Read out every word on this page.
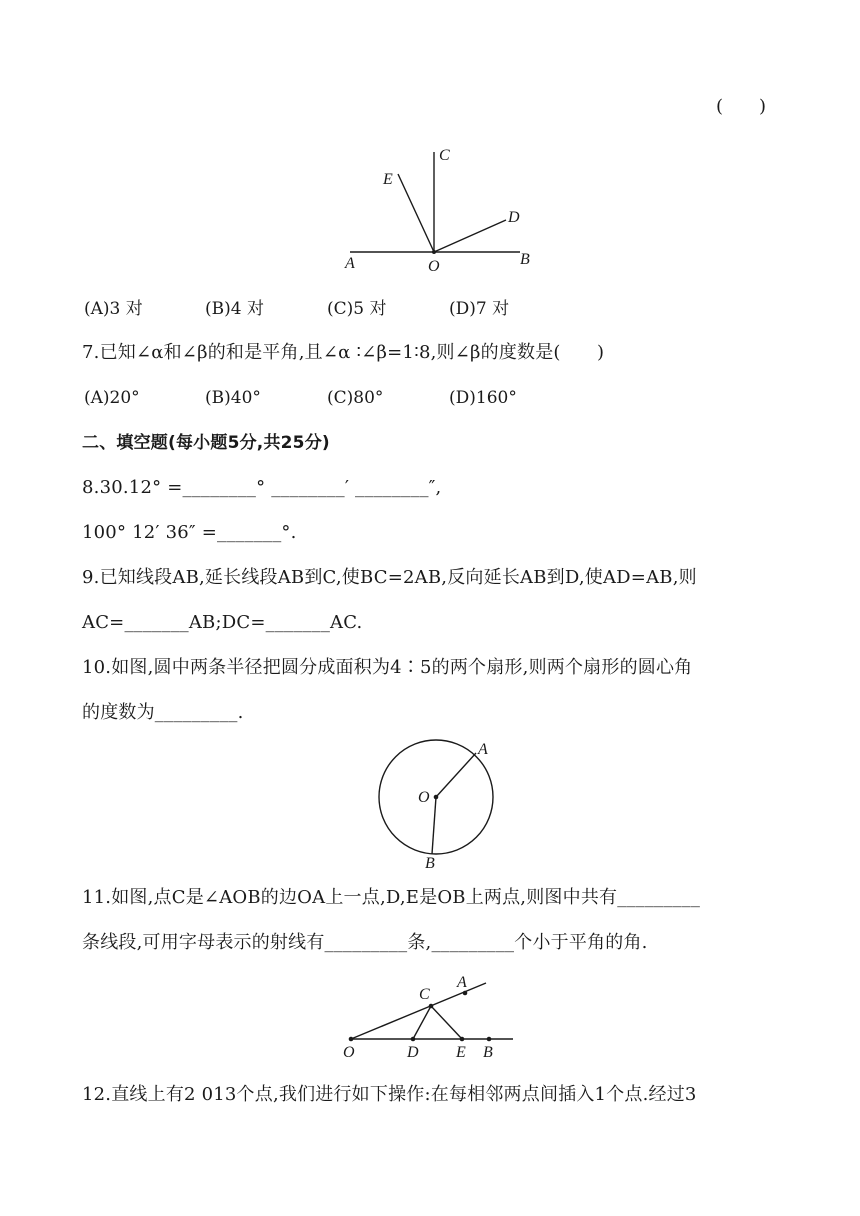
(　　)
C
E
D
A	O	B
(A)3 对	(B)4 对	(C)5 对	(D)7 对
7.已知∠α和∠β的和是平角,且∠α ∶∠β=1∶8,则∠β的度数是(　　)
(A)20°	(B)40°	(C)80°	(D)160°
二、填空题(每小题5分,共25分)
8.30.12° =________° ________′ ________″,
100° 12′ 36″ =_______°.
9.已知线段AB,延长线段AB到C,使BC=2AB,反向延长AB到D,使AD=AB,则
AC=_______AB;DC=_______AC.
10.如图,圆中两条半径把圆分成面积为4∶5的两个扇形,则两个扇形的圆心角
的度数为_________.
A
O
B
11.如图,点C是∠AOB的边OA上一点,D,E是OB上两点,则图中共有_________
条线段,可用字母表示的射线有_________条,_________个小于平角的角.
C
A
O	D E B
12.直线上有2 013个点,我们进行如下操作:在每相邻两点间插入1个点.经过3
